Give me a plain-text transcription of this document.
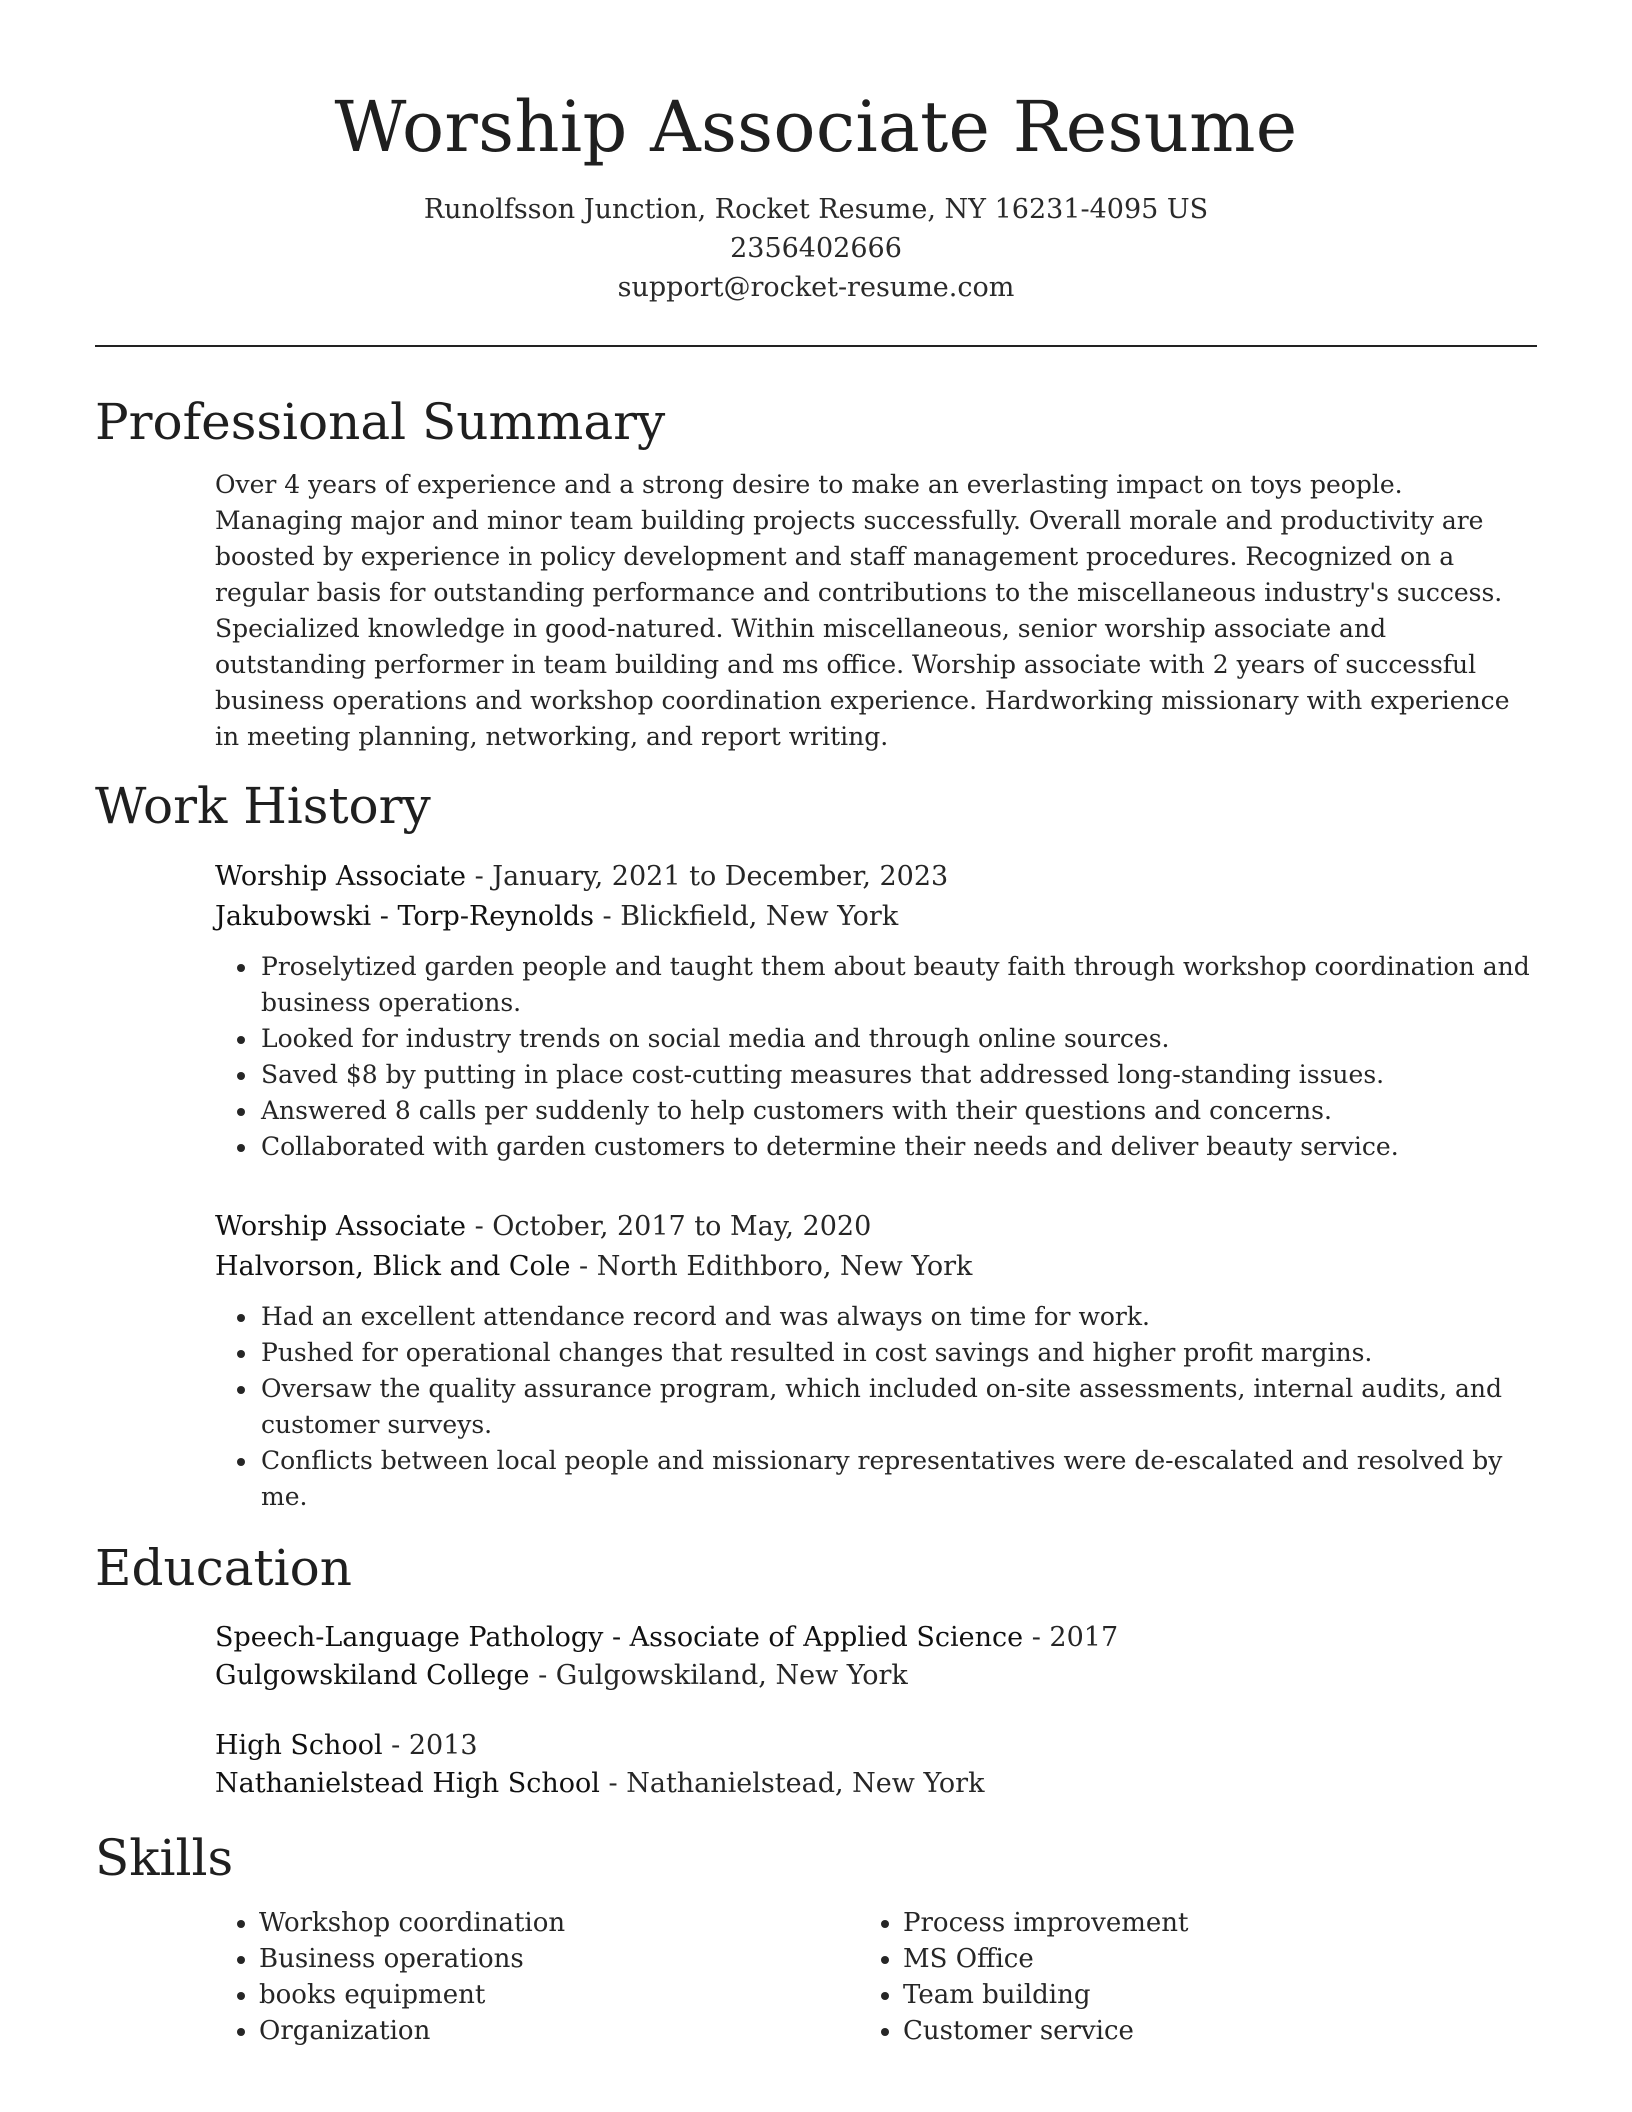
Worship Associate Resume
Runolfsson Junction, Rocket Resume, NY 16231-4095 US
2356402666
support@rocket-resume.com
Professional Summary
Over 4 years of experience and a strong desire to make an everlasting impact on toys people. Managing major and minor team building projects successfully. Overall morale and productivity are boosted by experience in policy development and staff management procedures. Recognized on a regular basis for outstanding performance and contributions to the miscellaneous industry's success. Specialized knowledge in good-natured. Within miscellaneous, senior worship associate and outstanding performer in team building and ms office. Worship associate with 2 years of successful business operations and workshop coordination experience. Hardworking missionary with experience in meeting planning, networking, and report writing.
Work History
Worship Associate - January, 2021 to December, 2023
Jakubowski - Torp-Reynolds - Blickfield, New York
• Proselytized garden people and taught them about beauty faith through workshop coordination and business operations.
• Looked for industry trends on social media and through online sources.
• Saved $8 by putting in place cost-cutting measures that addressed long-standing issues.
• Answered 8 calls per suddenly to help customers with their questions and concerns.
• Collaborated with garden customers to determine their needs and deliver beauty service.
Worship Associate - October, 2017 to May, 2020
Halvorson, Blick and Cole - North Edithboro, New York
• Had an excellent attendance record and was always on time for work.
• Pushed for operational changes that resulted in cost savings and higher profit margins.
• Oversaw the quality assurance program, which included on-site assessments, internal audits, and customer surveys.
• Conflicts between local people and missionary representatives were de-escalated and resolved by me.
Education
Speech-Language Pathology - Associate of Applied Science - 2017
Gulgowskiland College - Gulgowskiland, New York
High School - 2013
Nathanielstead High School - Nathanielstead, New York
Skills
• Workshop coordination
• Business operations
• books equipment
• Organization
• Process improvement
• MS Office
• Team building
• Customer service
